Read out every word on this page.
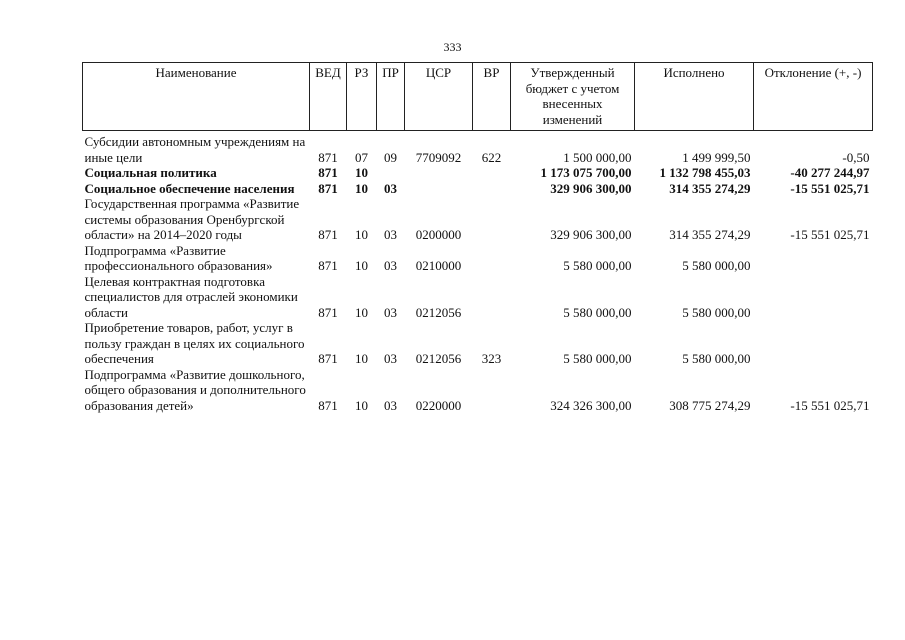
333
Наименование	ВЕД	РЗ	ПР	ЦСР	ВР	Утвержденный бюджет с учетом внесенных изменений	Исполнено	Отклонение (+, -)
Субсидии автономным учреждениям на иные цели	871	07	09	7709092	622	1 500 000,00	1 499 999,50	-0,50
Социальная политика	871	10				1 173 075 700,00	1 132 798 455,03	-40 277 244,97
Социальное обеспечение населения	871	10	03			329 906 300,00	314 355 274,29	-15 551 025,71
Государственная программа «Развитие системы образования Оренбургской области» на 2014–2020 годы	871	10	03	0200000		329 906 300,00	314 355 274,29	-15 551 025,71
Подпрограмма «Развитие профессионального образования»	871	10	03	0210000		5 580 000,00	5 580 000,00	
Целевая контрактная подготовка специалистов для отраслей экономики области	871	10	03	0212056		5 580 000,00	5 580 000,00	
Приобретение товаров, работ, услуг в пользу граждан в целях их социального обеспечения	871	10	03	0212056	323	5 580 000,00	5 580 000,00	
Подпрограмма «Развитие дошкольного, общего образования и дополнительного образования детей»	871	10	03	0220000		324 326 300,00	308 775 274,29	-15 551 025,71
